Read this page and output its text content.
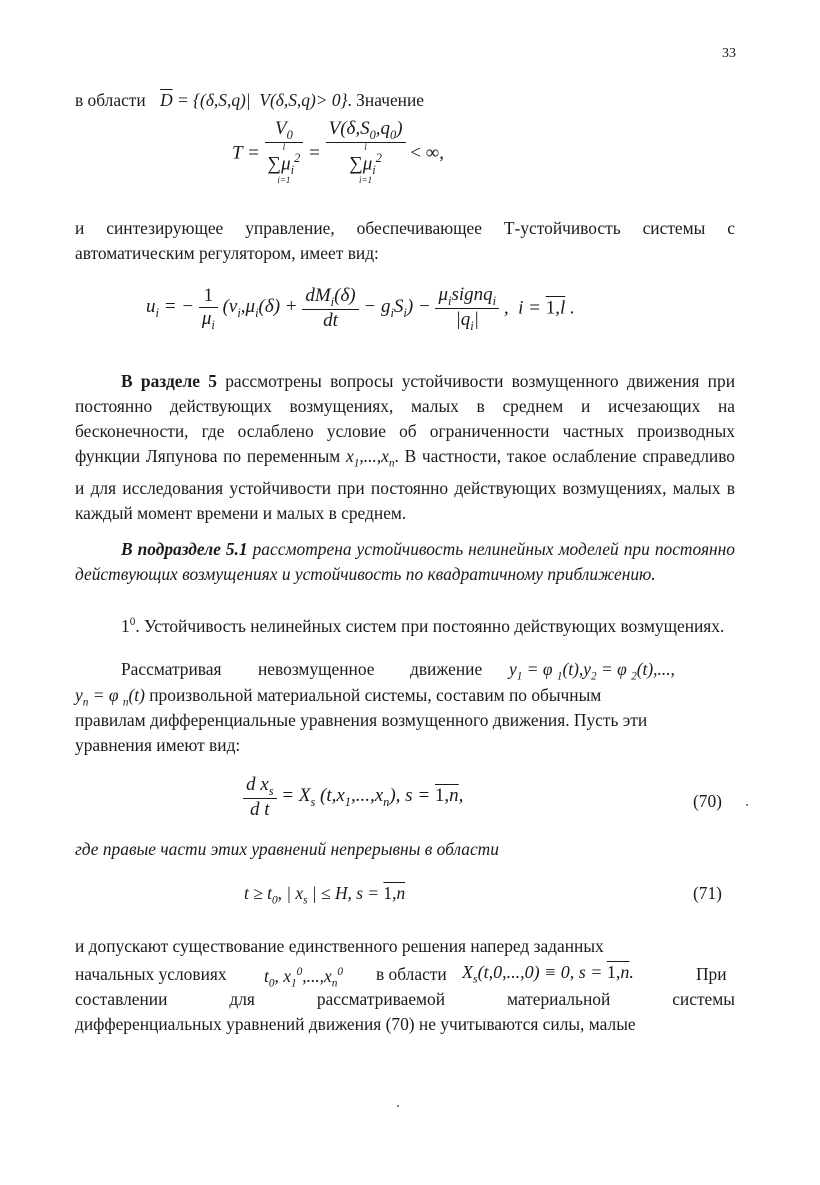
33
в области $\overline{D} = \{(\delta,S,q)|$  V(δ,S,q)> 0}. Значение
$T = V_0$
l
$\sum\mu_i^2$
$i=1 = V(\delta,S_0,q_0)$
l
$\sum\mu_i^2$
i=1 < ∞,
и синтезирующее управление, обеспечивающее Т-устойчивость системы с автоматическим регулятором, имеет вид:
$u_i$ = − $\frac{1}{\mu_i} (v_i,\mu_i(\delta) + \frac{dM_i(\delta)}{dt} - g_iS_i) - \frac{\mu_isignq_i}{|q_i|}$ ,  i = 1,l .
В разделе 5 рассмотрены вопросы устойчивости возмущенного движения при постоянно действующих возмущениях, малых в среднем и исчезающих на бесконечности, где ослаблено условие об ограниченности частных производных функции Ляпунова по переменным $x_1,...,x_n$. В частности, такое ослабление справедливо и для исследования устойчивости при постоянно действующих возмущениях, малых в каждый момент времени и малых в среднем.
В подразделе 5.1 рассмотрена устойчивость нелинейных моделей при постоянно действующих возмущениях и устойчивость по квадратичному приближению.
$1^0$. Устойчивость нелинейных систем при постоянно действующих возмущениях.
Рассматривая невозмущенное движение $y_1 = \varphi$ $_1(t),y_2 = \varphi$ $_2$(t),...,
$y_n = \varphi$ $_n$(t) произвольной материальной системы, составим по обычным
правилам дифференциальные уравнения возмущенного движения. Пусть эти
уравнения имеют вид:
$\frac{d x_s}{\text{d t}} = X_s$ $(t,x_1,...,x_n)$, s = 1,n,	(70)
где правые части этих уравнений непрерывны в области
$t \ge t_0$, | $x_s$ | ≤ H, s = 1,n	(71)
и допускают существование единственного решения наперед заданных
начальных условиях $t_0$, $x_1^0,...,x_n^0$ в области $X_s(t,0,...,0) \equiv 0$, s = 1,n.	При
составлении	для	рассматриваемой	материальной	системы
дифференциальных уравнений движения (70) не учитываются силы, малые
